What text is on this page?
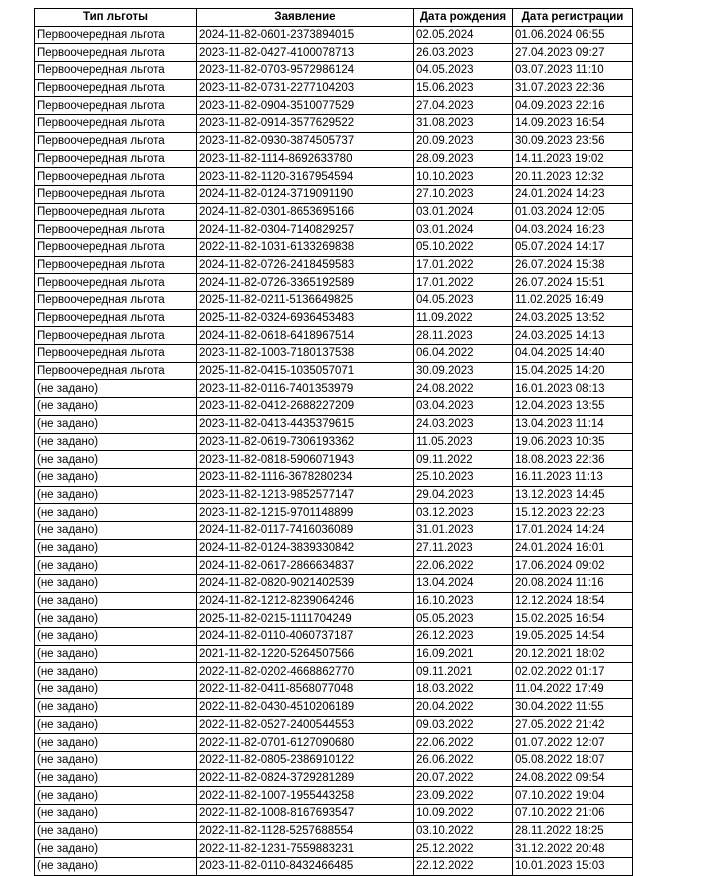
Тип льготы	Заявление	Дата рождения	Дата регистрации
Первоочередная льгота	2024-11-82-0601-2373894015	02.05.2024	01.06.2024 06:55
Первоочередная льгота	2023-11-82-0427-4100078713	26.03.2023	27.04.2023 09:27
Первоочередная льгота	2023-11-82-0703-9572986124	04.05.2023	03.07.2023 11:10
Первоочередная льгота	2023-11-82-0731-2277104203	15.06.2023	31.07.2023 22:36
Первоочередная льгота	2023-11-82-0904-3510077529	27.04.2023	04.09.2023 22:16
Первоочередная льгота	2023-11-82-0914-3577629522	31.08.2023	14.09.2023 16:54
Первоочередная льгота	2023-11-82-0930-3874505737	20.09.2023	30.09.2023 23:56
Первоочередная льгота	2023-11-82-1114-8692633780	28.09.2023	14.11.2023 19:02
Первоочередная льгота	2023-11-82-1120-3167954594	10.10.2023	20.11.2023 12:32
Первоочередная льгота	2024-11-82-0124-3719091190	27.10.2023	24.01.2024 14:23
Первоочередная льгота	2024-11-82-0301-8653695166	03.01.2024	01.03.2024 12:05
Первоочередная льгота	2024-11-82-0304-7140829257	03.01.2024	04.03.2024 16:23
Первоочередная льгота	2022-11-82-1031-6133269838	05.10.2022	05.07.2024 14:17
Первоочередная льгота	2024-11-82-0726-2418459583	17.01.2022	26.07.2024 15:38
Первоочередная льгота	2024-11-82-0726-3365192589	17.01.2022	26.07.2024 15:51
Первоочередная льгота	2025-11-82-0211-5136649825	04.05.2023	11.02.2025 16:49
Первоочередная льгота	2025-11-82-0324-6936453483	11.09.2022	24.03.2025 13:52
Первоочередная льгота	2024-11-82-0618-6418967514	28.11.2023	24.03.2025 14:13
Первоочередная льгота	2023-11-82-1003-7180137538	06.04.2022	04.04.2025 14:40
Первоочередная льгота	2025-11-82-0415-1035057071	30.09.2023	15.04.2025 14:20
(не задано)	2023-11-82-0116-7401353979	24.08.2022	16.01.2023 08:13
(не задано)	2023-11-82-0412-2688227209	03.04.2023	12.04.2023 13:55
(не задано)	2023-11-82-0413-4435379615	24.03.2023	13.04.2023 11:14
(не задано)	2023-11-82-0619-7306193362	11.05.2023	19.06.2023 10:35
(не задано)	2023-11-82-0818-5906071943	09.11.2022	18.08.2023 22:36
(не задано)	2023-11-82-1116-3678280234	25.10.2023	16.11.2023 11:13
(не задано)	2023-11-82-1213-9852577147	29.04.2023	13.12.2023 14:45
(не задано)	2023-11-82-1215-9701148899	03.12.2023	15.12.2023 22:23
(не задано)	2024-11-82-0117-7416036089	31.01.2023	17.01.2024 14:24
(не задано)	2024-11-82-0124-3839330842	27.11.2023	24.01.2024 16:01
(не задано)	2024-11-82-0617-2866634837	22.06.2022	17.06.2024 09:02
(не задано)	2024-11-82-0820-9021402539	13.04.2024	20.08.2024 11:16
(не задано)	2024-11-82-1212-8239064246	16.10.2023	12.12.2024 18:54
(не задано)	2025-11-82-0215-1111704249	05.05.2023	15.02.2025 16:54
(не задано)	2024-11-82-0110-4060737187	26.12.2023	19.05.2025 14:54
(не задано)	2021-11-82-1220-5264507566	16.09.2021	20.12.2021 18:02
(не задано)	2022-11-82-0202-4668862770	09.11.2021	02.02.2022 01:17
(не задано)	2022-11-82-0411-8568077048	18.03.2022	11.04.2022 17:49
(не задано)	2022-11-82-0430-4510206189	20.04.2022	30.04.2022 11:55
(не задано)	2022-11-82-0527-2400544553	09.03.2022	27.05.2022 21:42
(не задано)	2022-11-82-0701-6127090680	22.06.2022	01.07.2022 12:07
(не задано)	2022-11-82-0805-2386910122	26.06.2022	05.08.2022 18:07
(не задано)	2022-11-82-0824-3729281289	20.07.2022	24.08.2022 09:54
(не задано)	2022-11-82-1007-1955443258	23.09.2022	07.10.2022 19:04
(не задано)	2022-11-82-1008-8167693547	10.09.2022	07.10.2022 21:06
(не задано)	2022-11-82-1128-5257688554	03.10.2022	28.11.2022 18:25
(не задано)	2022-11-82-1231-7559883231	25.12.2022	31.12.2022 20:48
(не задано)	2023-11-82-0110-8432466485	22.12.2022	10.01.2023 15:03
